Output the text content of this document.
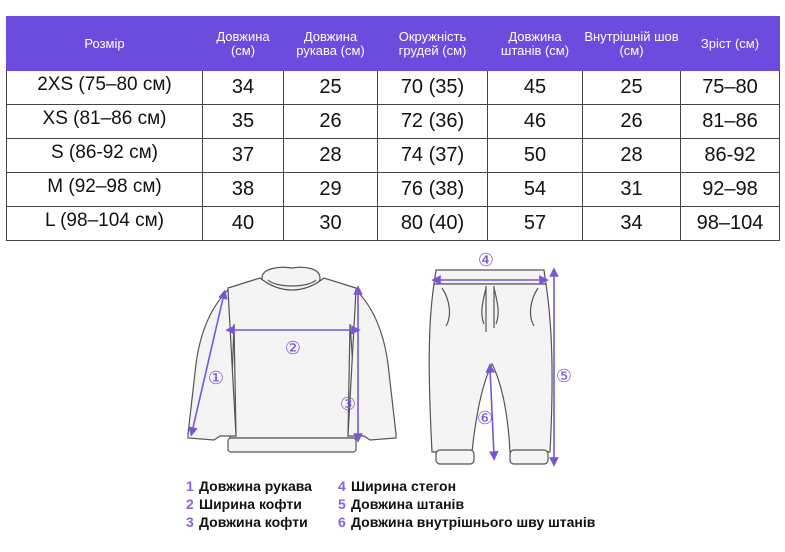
Розмір	Довжина (см)	Довжина рукава (см)	Окружність грудей (см)	Довжина штанів (см)	Внутрішній шов (см)	Зріст (см)
2XS (75–80 см)	34	25	70 (35)	45	25	75–80
XS (81–86 см)	35	26	72 (36)	46	26	81–86
S (86-92 см)	37	28	74 (37)	50	28	86-92
M (92–98 см)	38	29	76 (38)	54	31	92–98
L (98–104 см)	40	30	80 (40)	57	34	98–104
①
②
③
④
⑤
⑥
1 Довжина рукава
2 Ширина кофти
3 Довжина кофти
4 Ширина стегон
5 Довжина штанів
6 Довжина внутрішнього шву штанів
